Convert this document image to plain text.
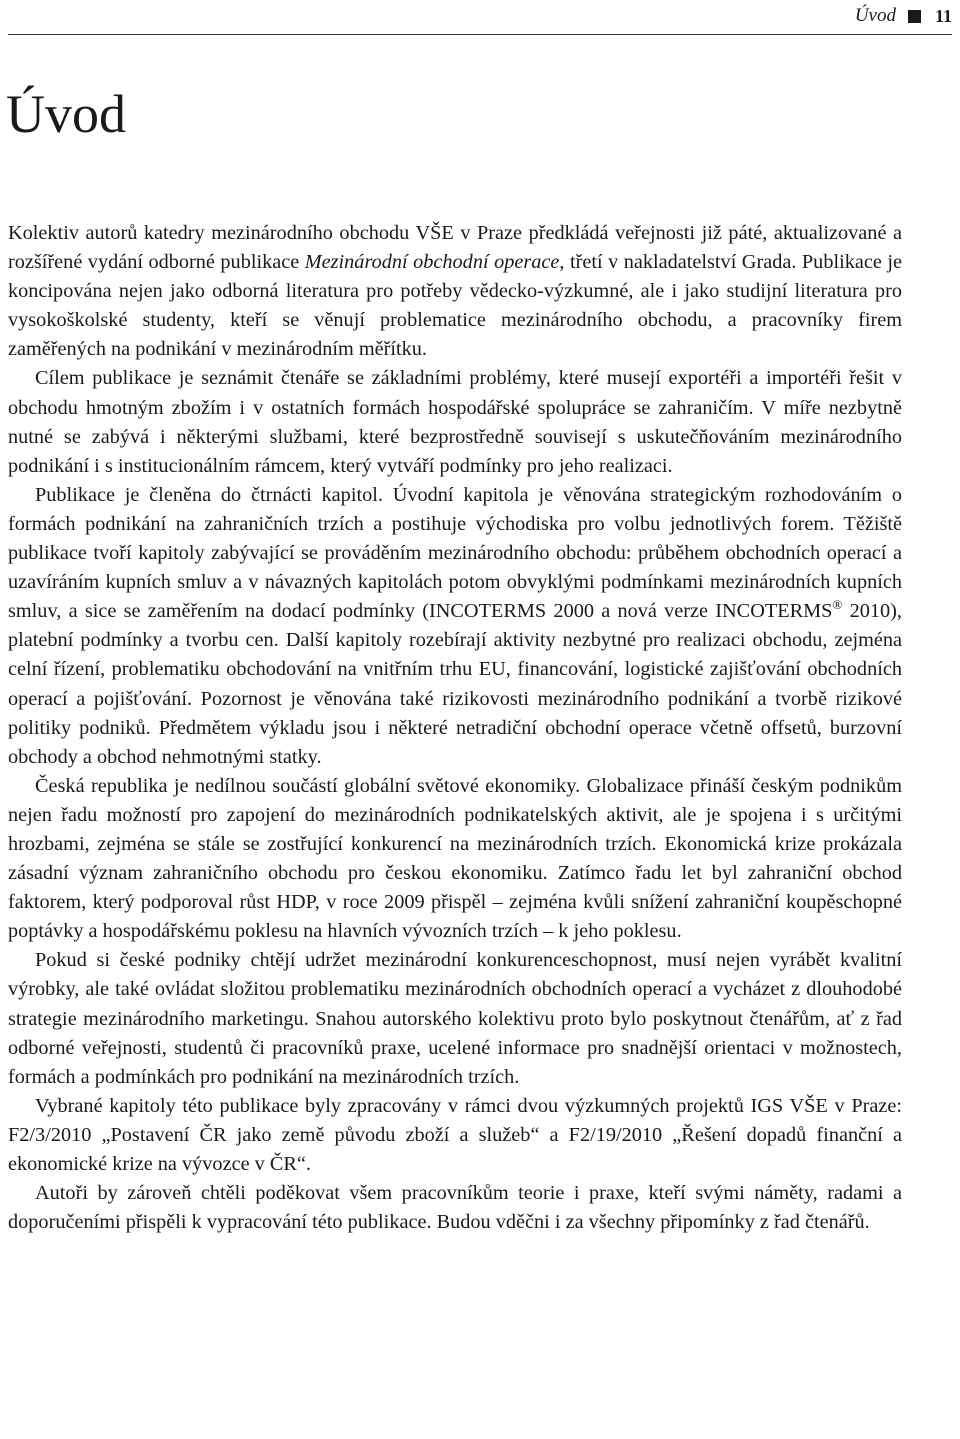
Úvod 11
Úvod

Kolektiv autorů katedry mezinárodního obchodu VŠE v Praze předkládá veřejnosti již páté, aktualizované a rozšířené vydání odborné publikace Mezinárodní obchodní operace, třetí v nakladatelství Grada. Publikace je koncipována nejen jako odborná literatura pro potřeby vědecko-výzkumné, ale i jako studijní literatura pro vysokoškolské studenty, kteří se věnují problematice mezinárodního obchodu, a pracovníky firem zaměřených na podnikání v mezinárodním měřítku.

Cílem publikace je seznámit čtenáře se základními problémy, které musejí exportéři a importéři řešit v obchodu hmotným zbožím i v ostatních formách hospodářské spolupráce se zahraničím. V míře nezbytně nutné se zabývá i některými službami, které bezprostředně souvisejí s uskutečňováním mezinárodního podnikání i s institucionálním rámcem, který vytváří podmínky pro jeho realizaci.

Publikace je členěna do čtrnácti kapitol. Úvodní kapitola je věnována strategickým rozhodováním o formách podnikání na zahraničních trzích a postihuje východiska pro volbu jednotlivých forem. Těžiště publikace tvoří kapitoly zabývající se prováděním mezinárodního obchodu: průběhem obchodních operací a uzavíráním kupních smluv a v návazných kapitolách potom obvyklými podmínkami mezinárodních kupních smluv, a sice se zaměřením na dodací podmínky (INCOTERMS 2000 a nová verze INCOTERMS® 2010), platební podmínky a tvorbu cen. Další kapitoly rozebírají aktivity nezbytné pro realizaci obchodu, zejména celní řízení, problematiku obchodování na vnitřním trhu EU, financování, logistické zajišťování obchodních operací a pojišťování. Pozornost je věnována také rizikovosti mezinárodního podnikání a tvorbě rizikové politiky podniků. Předmětem výkladu jsou i některé netradiční obchodní operace včetně offsetů, burzovní obchody a obchod nehmotnými statky.

Česká republika je nedílnou součástí globální světové ekonomiky. Globalizace přináší českým podnikům nejen řadu možností pro zapojení do mezinárodních podnikatelských aktivit, ale je spojena i s určitými hrozbami, zejména se stále se zostřující konkurencí na mezinárodních trzích. Ekonomická krize prokázala zásadní význam zahraničního obchodu pro českou ekonomiku. Zatímco řadu let byl zahraniční obchod faktorem, který podporoval růst HDP, v roce 2009 přispěl – zejména kvůli snížení zahraniční koupěschopné poptávky a hospodářskému poklesu na hlavních vývozních trzích – k jeho poklesu.

Pokud si české podniky chtějí udržet mezinárodní konkurenceschopnost, musí nejen vyrábět kvalitní výrobky, ale také ovládat složitou problematiku mezinárodních obchodních operací a vycházet z dlouhodobé strategie mezinárodního marketingu. Snahou autorského kolektivu proto bylo poskytnout čtenářům, ať z řad odborné veřejnosti, studentů či pracovníků praxe, ucelené informace pro snadnější orientaci v možnostech, formách a podmínkách pro podnikání na mezinárodních trzích.

Vybrané kapitoly této publikace byly zpracovány v rámci dvou výzkumných projektů IGS VŠE v Praze: F2/3/2010 „Postavení ČR jako země původu zboží a služeb“ a F2/19/2010 „Řešení dopadů finanční a ekonomické krize na vývozce v ČR“.

Autoři by zároveň chtěli poděkovat všem pracovníkům teorie i praxe, kteří svými náměty, radami a doporučeními přispěli k vypracování této publikace. Budou vděčni i za všechny připomínky z řad čtenářů.
